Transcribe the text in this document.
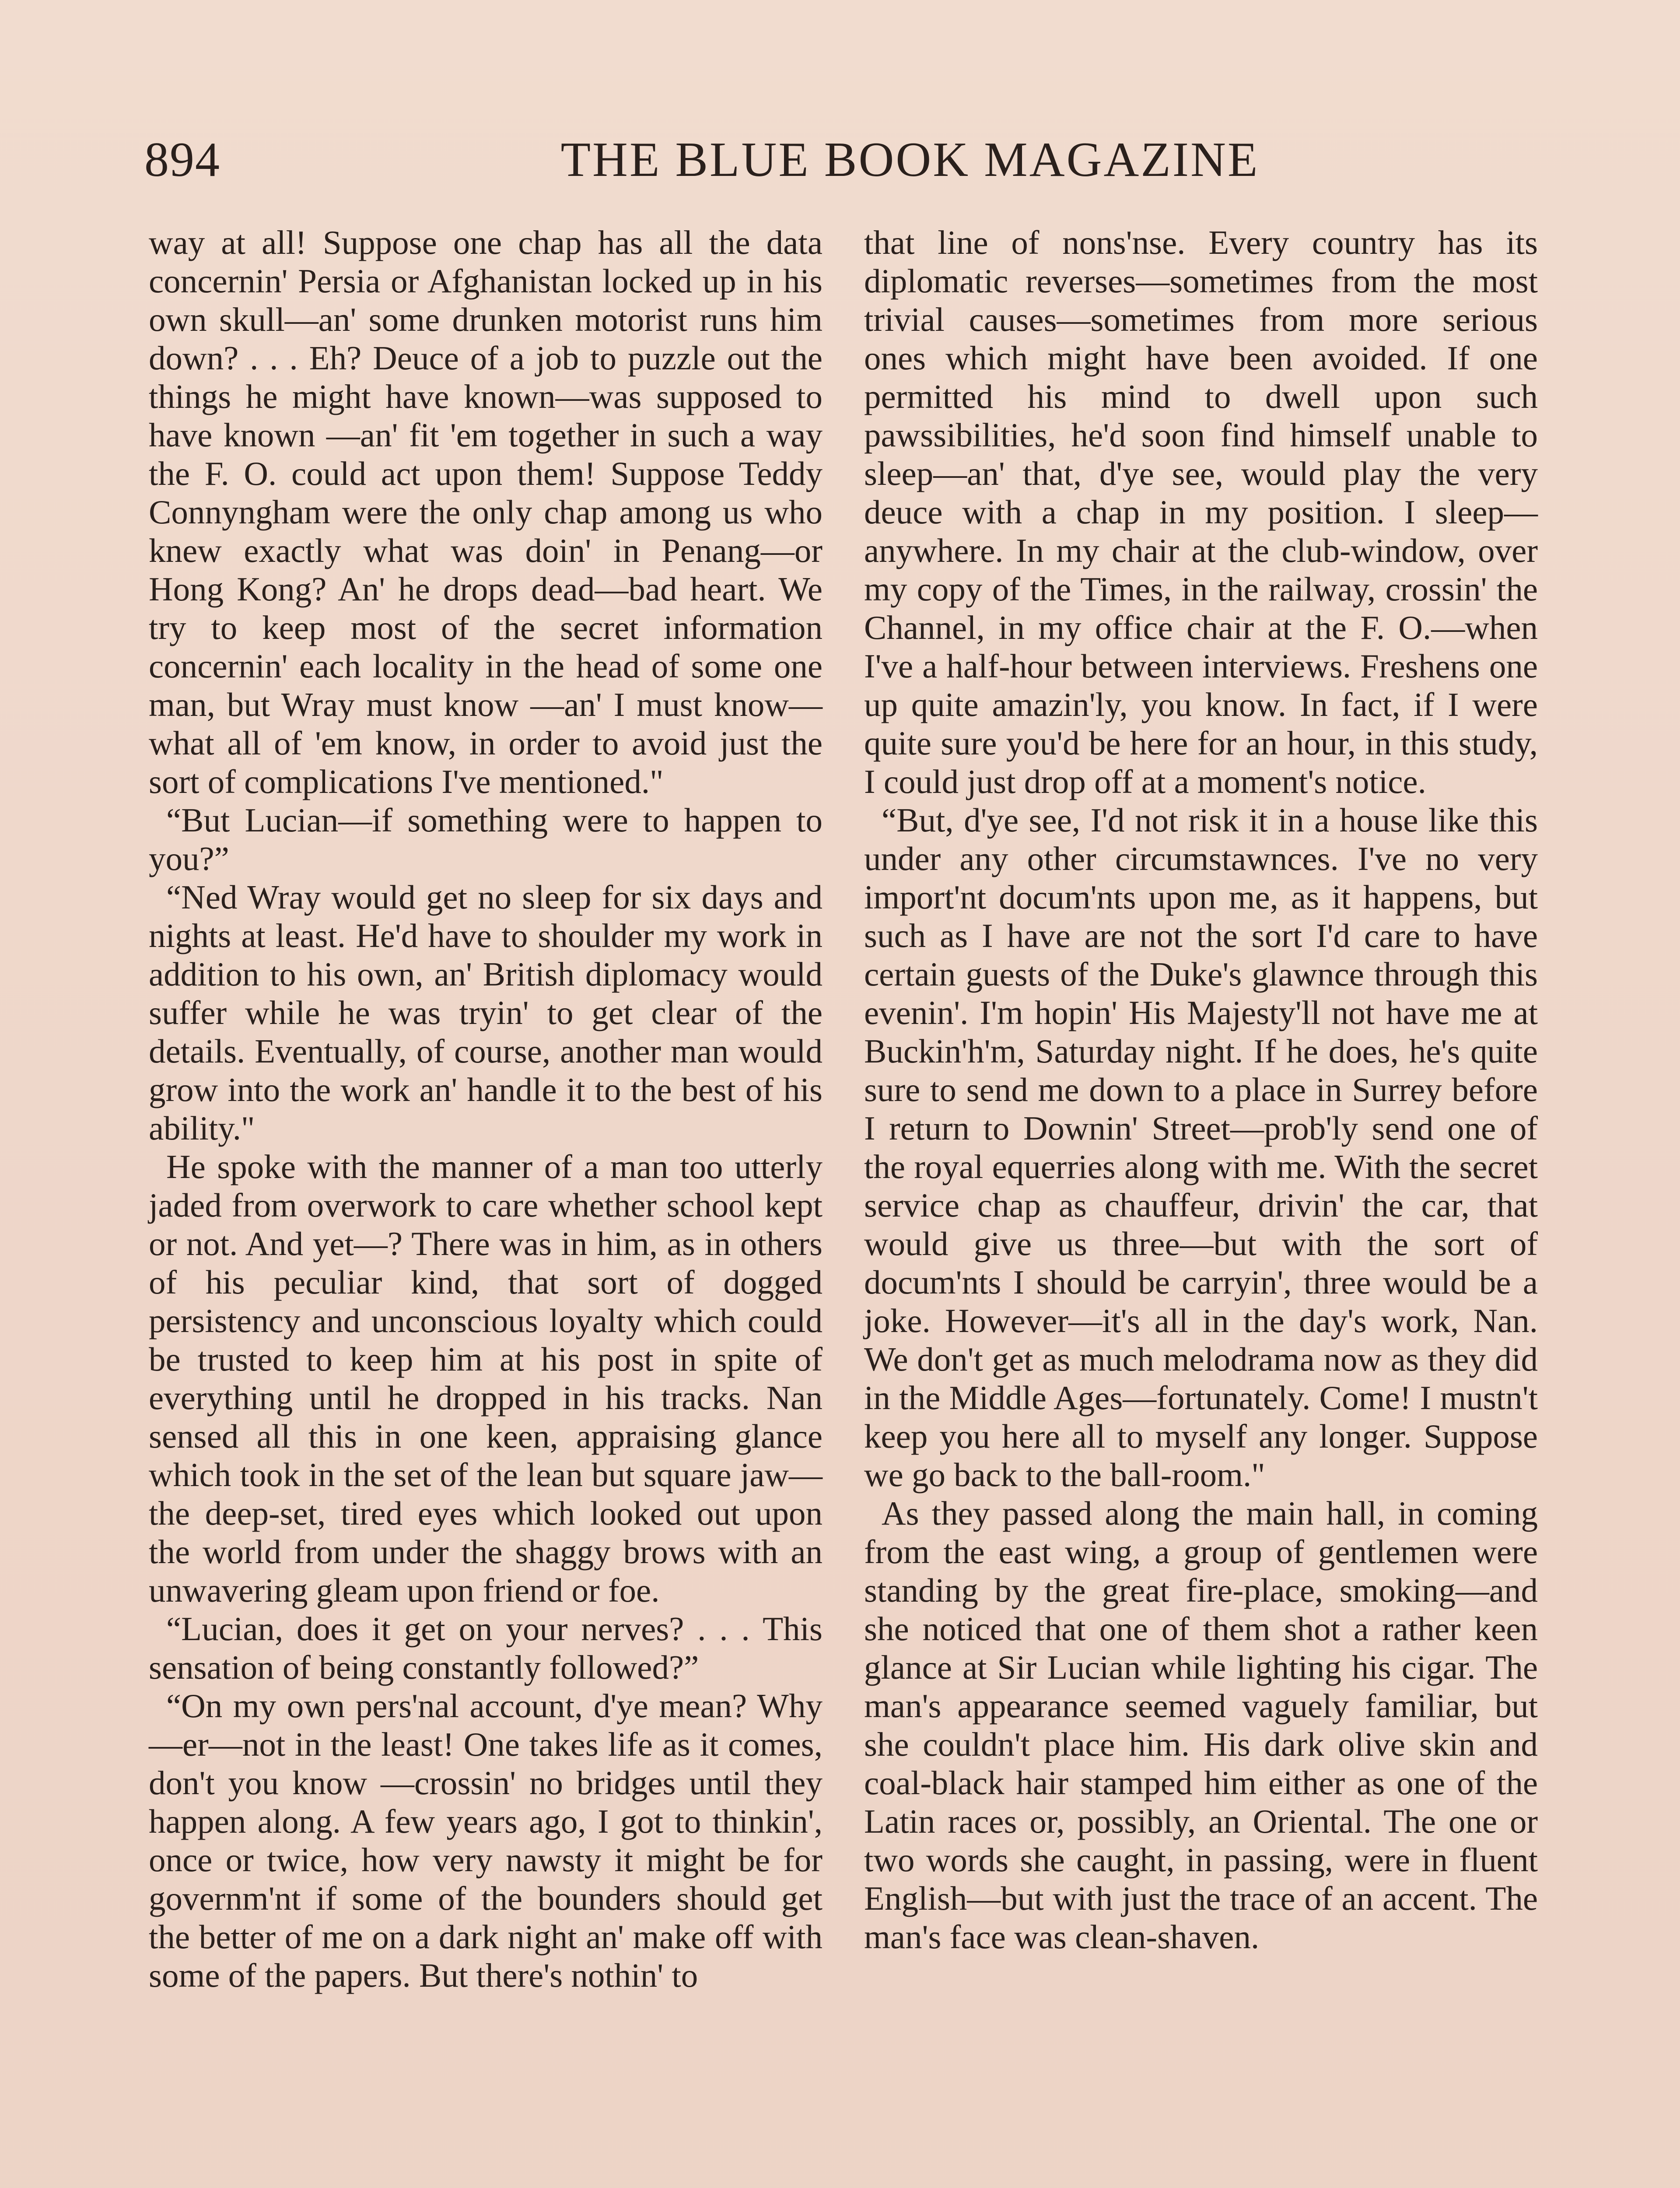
894	THE BLUE BOOK MAGAZINE

way at all! Suppose one chap has all the data concernin' Persia or Afghanistan locked up in his own skull—an' some drunken motorist runs him down? . . . Eh? Deuce of a job to puzzle out the things he might have known—was supposed to have known —an' fit 'em together in such a way the F. O. could act upon them! Suppose Teddy Connyngham were the only chap among us who knew exactly what was doin' in Penang—or Hong Kong? An' he drops dead—bad heart. We try to keep most of the secret information concernin' each locality in the head of some one man, but Wray must know —an' I must know—what all of 'em know, in order to avoid just the sort of complications I've mentioned."

“But Lucian—if something were to happen to you?”

“Ned Wray would get no sleep for six days and nights at least. He'd have to shoulder my work in addition to his own, an' British diplomacy would suffer while he was tryin' to get clear of the details. Eventually, of course, another man would grow into the work an' handle it to the best of his ability."

He spoke with the manner of a man too utterly jaded from overwork to care whether school kept or not. And yet—? There was in him, as in others of his peculiar kind, that sort of dogged persistency and unconscious loyalty which could be trusted to keep him at his post in spite of everything until he dropped in his tracks. Nan sensed all this in one keen, appraising glance which took in the set of the lean but square jaw—the deep-set, tired eyes which looked out upon the world from under the shaggy brows with an unwavering gleam upon friend or foe.

“Lucian, does it get on your nerves? . . . This sensation of being constantly followed?”

“On my own pers'nal account, d'ye mean? Why—er—not in the least! One takes life as it comes, don't you know —crossin' no bridges until they happen along. A few years ago, I got to thinkin', once or twice, how very nawsty it might be for governm'nt if some of the bounders should get the better of me on a dark night an' make off with some of the papers. But there's nothin' to

that line of nons'nse. Every country has its diplomatic reverses—sometimes from the most trivial causes—sometimes from more serious ones which might have been avoided. If one permitted his mind to dwell upon such pawssibilities, he'd soon find himself unable to sleep—an' that, d'ye see, would play the very deuce with a chap in my position. I sleep—anywhere. In my chair at the club-window, over my copy of the Times, in the railway, crossin' the Channel, in my office chair at the F. O.—when I've a half-hour between interviews. Freshens one up quite amazin'ly, you know. In fact, if I were quite sure you'd be here for an hour, in this study, I could just drop off at a moment's notice.

“But, d'ye see, I'd not risk it in a house like this under any other circumstawnces. I've no very import'nt docum'nts upon me, as it happens, but such as I have are not the sort I'd care to have certain guests of the Duke's glawnce through this evenin'. I'm hopin' His Majesty'll not have me at Buckin'h'm, Saturday night. If he does, he's quite sure to send me down to a place in Surrey before I return to Downin' Street—prob'ly send one of the royal equerries along with me. With the secret service chap as chauffeur, drivin' the car, that would give us three—but with the sort of docum'nts I should be carryin', three would be a joke. However—it's all in the day's work, Nan. We don't get as much melodrama now as they did in the Middle Ages—fortunately. Come! I mustn't keep you here all to myself any longer. Suppose we go back to the ball-room."

As they passed along the main hall, in coming from the east wing, a group of gentlemen were standing by the great fire-place, smoking—and she noticed that one of them shot a rather keen glance at Sir Lucian while lighting his cigar. The man's appearance seemed vaguely familiar, but she couldn't place him. His dark olive skin and coal-black hair stamped him either as one of the Latin races or, possibly, an Oriental. The one or two words she caught, in passing, were in fluent English—but with just the trace of an accent. The man's face was clean-shaven.
